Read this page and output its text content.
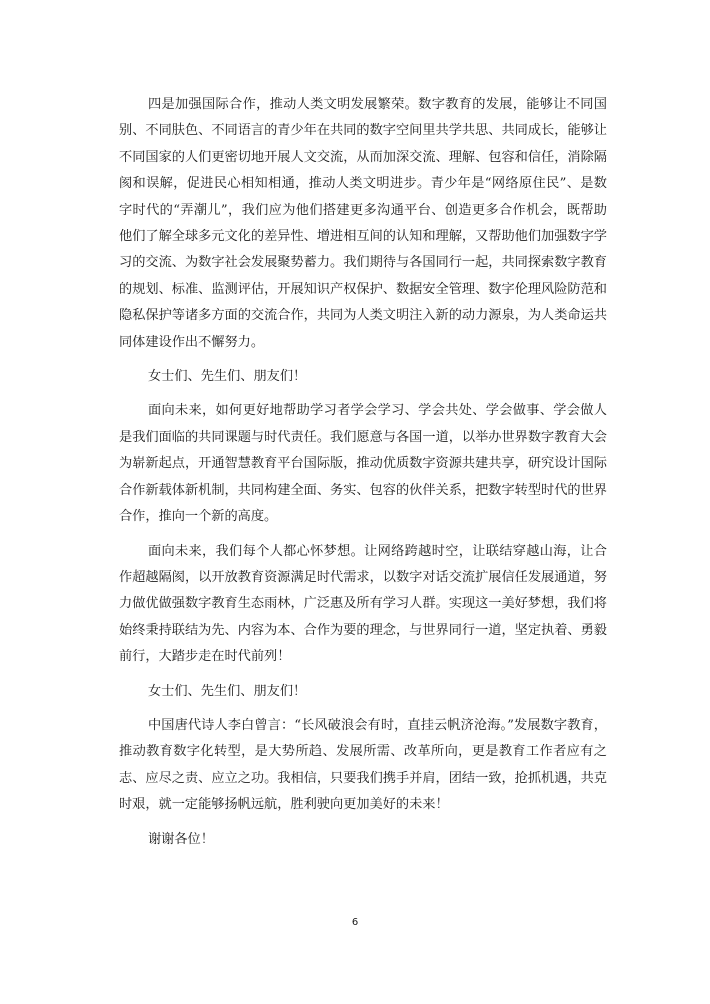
四是加强国际合作，推动人类文明发展繁荣。数字教育的发展，能够让不同国别、不同肤色、不同语言的青少年在共同的数字空间里共学共思、共同成长，能够让不同国家的人们更密切地开展人文交流，从而加深交流、理解、包容和信任，消除隔阂和误解，促进民心相知相通，推动人类文明进步。青少年是“网络原住民”、是数字时代的“弄潮儿”，我们应为他们搭建更多沟通平台、创造更多合作机会，既帮助他们了解全球多元文化的差异性、增进相互间的认知和理解，又帮助他们加强数字学习的交流、为数字社会发展聚势蓄力。我们期待与各国同行一起，共同探索数字教育的规划、标准、监测评估，开展知识产权保护、数据安全管理、数字伦理风险防范和隐私保护等诸多方面的交流合作，共同为人类文明注入新的动力源泉，为人类命运共同体建设作出不懈努力。

女士们、先生们、朋友们！

面向未来，如何更好地帮助学习者学会学习、学会共处、学会做事、学会做人是我们面临的共同课题与时代责任。我们愿意与各国一道，以举办世界数字教育大会为崭新起点，开通智慧教育平台国际版，推动优质数字资源共建共享，研究设计国际合作新载体新机制，共同构建全面、务实、包容的伙伴关系，把数字转型时代的世界合作，推向一个新的高度。

面向未来，我们每个人都心怀梦想。让网络跨越时空，让联结穿越山海，让合作超越隔阂，以开放教育资源满足时代需求，以数字对话交流扩展信任发展通道，努力做优做强数字教育生态雨林，广泛惠及所有学习人群。实现这一美好梦想，我们将始终秉持联结为先、内容为本、合作为要的理念，与世界同行一道，坚定执着、勇毅前行，大踏步走在时代前列！

女士们、先生们、朋友们！

中国唐代诗人李白曾言：“长风破浪会有时，直挂云帆济沧海。”发展数字教育，推动教育数字化转型，是大势所趋、发展所需、改革所向，更是教育工作者应有之志、应尽之责、应立之功。我相信，只要我们携手并肩，团结一致，抢抓机遇，共克时艰，就一定能够扬帆远航，胜利驶向更加美好的未来！

谢谢各位！

6
